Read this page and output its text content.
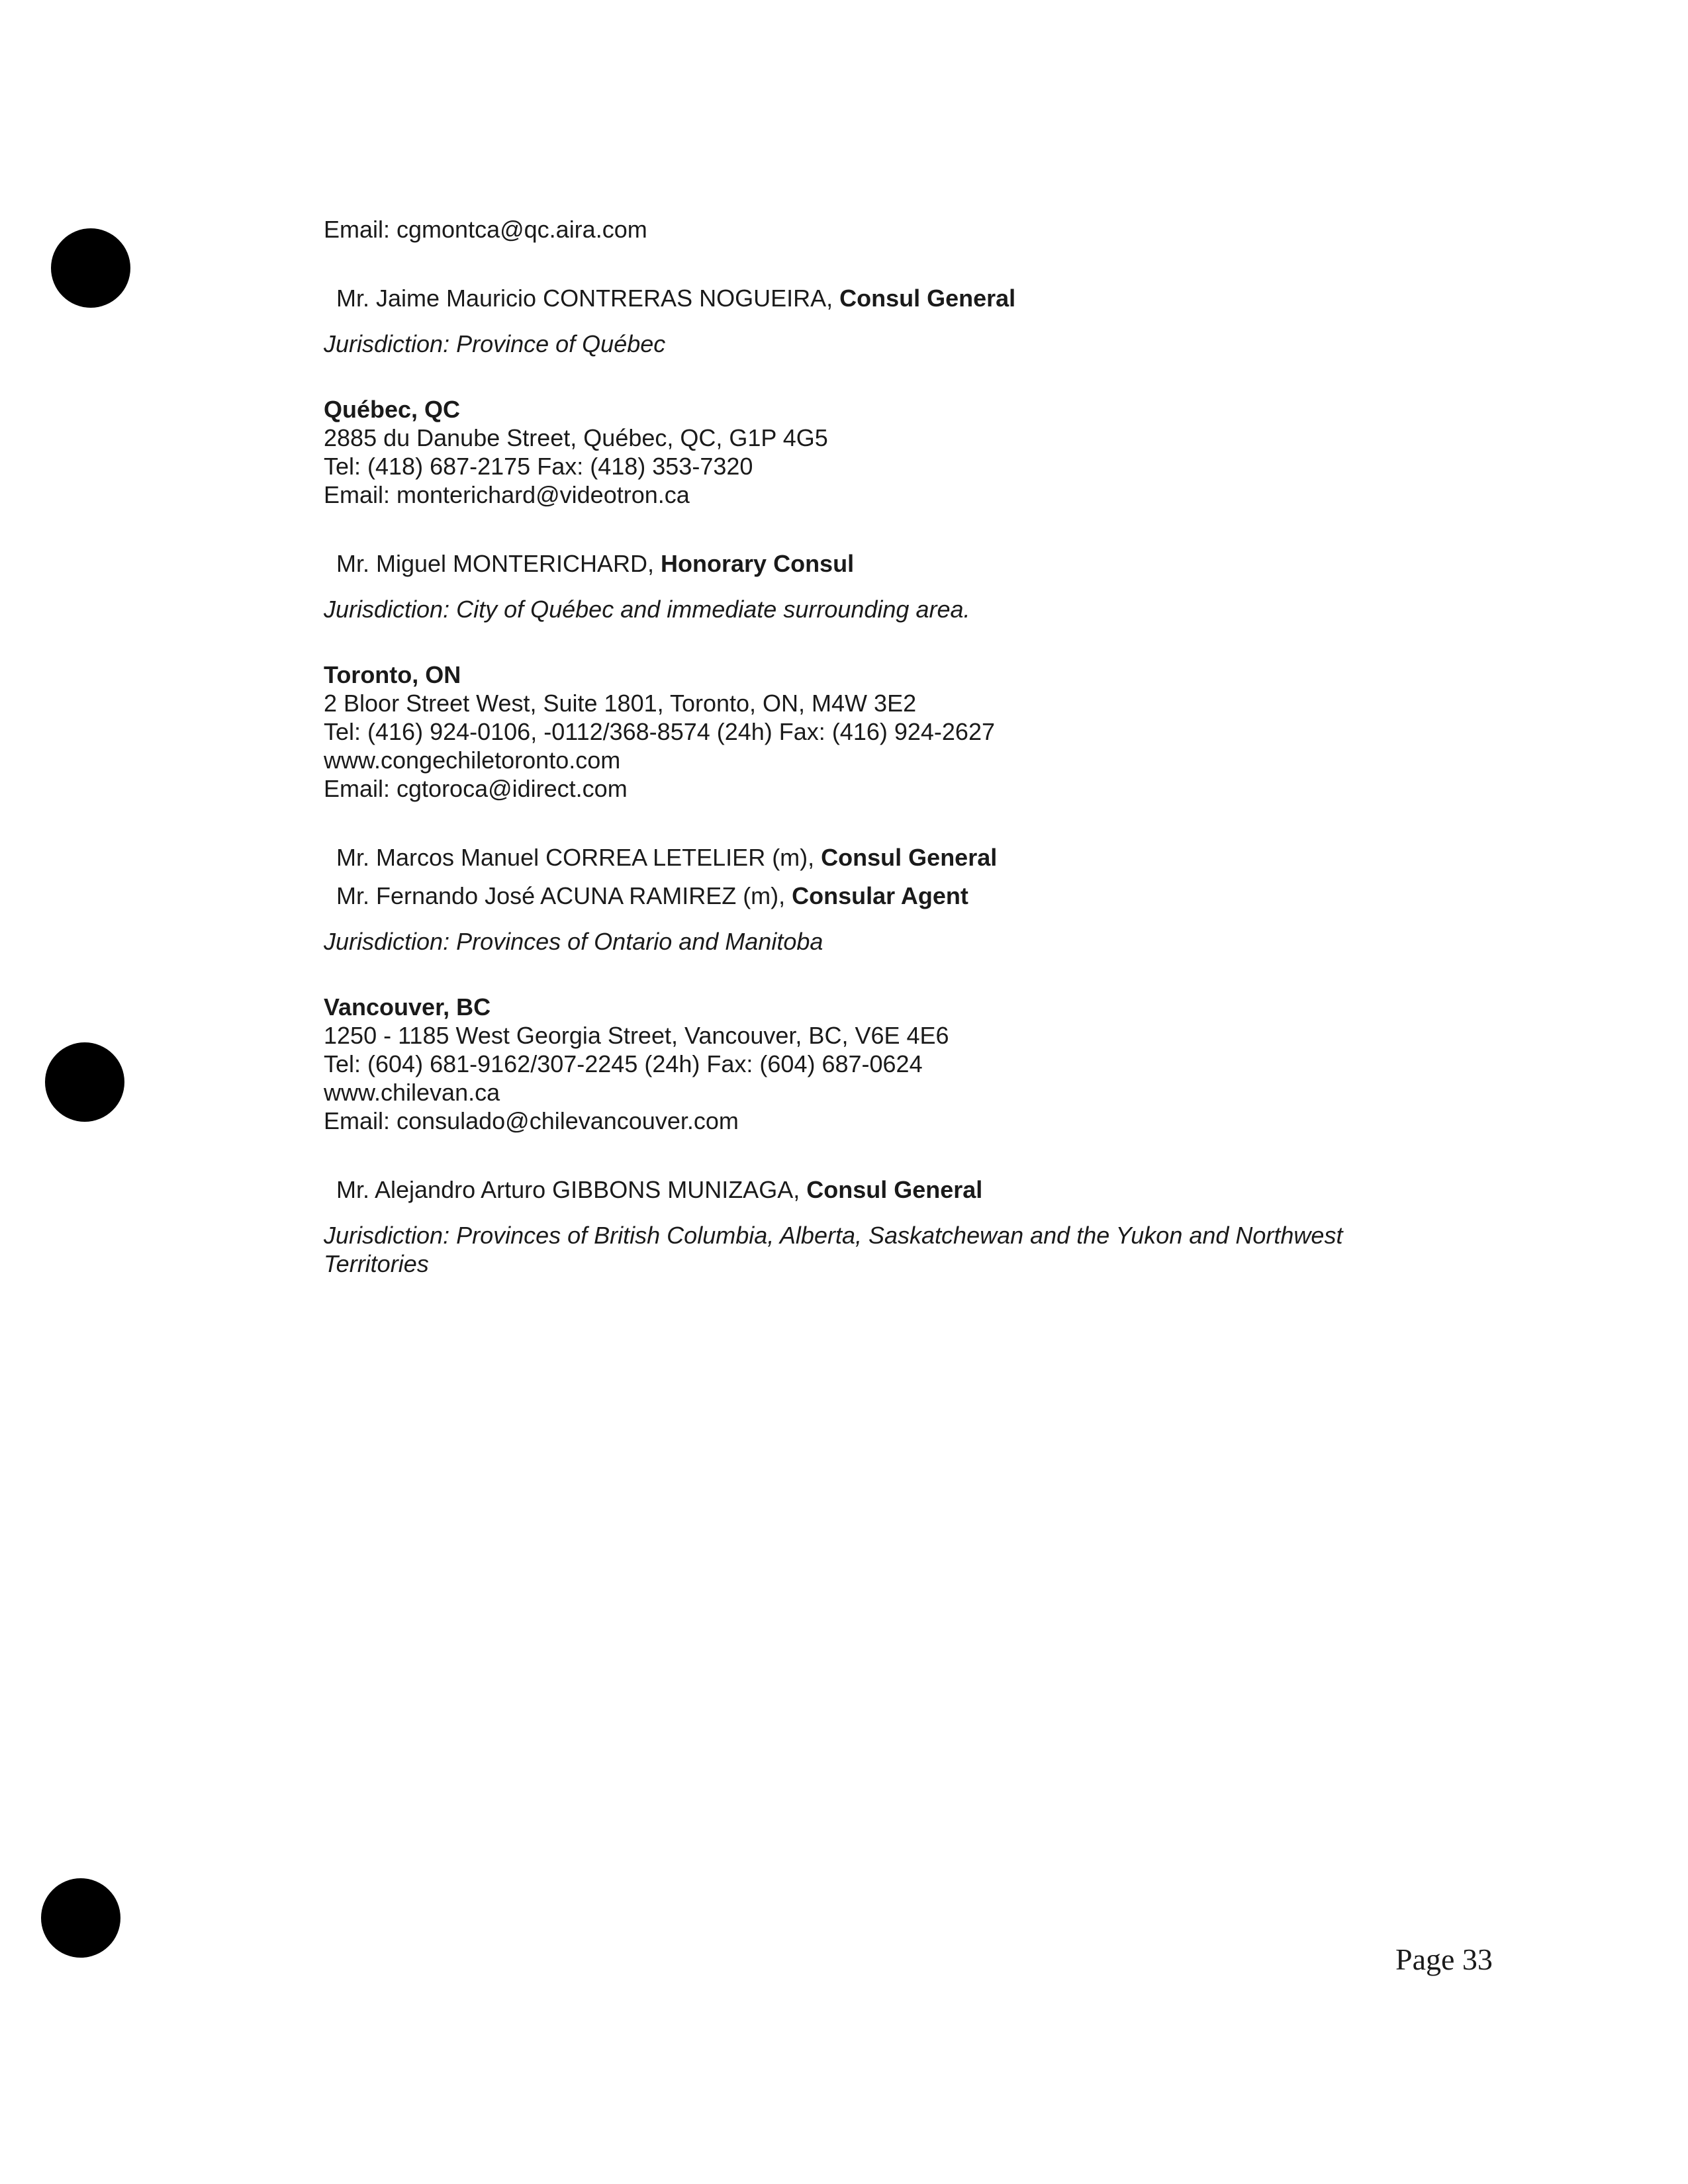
Email: cgmontca@qc.aira.com
Mr. Jaime Mauricio CONTRERAS NOGUEIRA, Consul General
Jurisdiction: Province of Québec
Québec, QC
2885 du Danube Street, Québec, QC, G1P 4G5
Tel: (418) 687-2175 Fax: (418) 353-7320
Email: monterichard@videotron.ca
Mr. Miguel MONTERICHARD, Honorary Consul
Jurisdiction: City of Québec and immediate surrounding area.
Toronto, ON
2 Bloor Street West, Suite 1801, Toronto, ON, M4W 3E2
Tel: (416) 924-0106, -0112/368-8574 (24h) Fax: (416) 924-2627
www.congechiletoronto.com
Email: cgtoroca@idirect.com
Mr. Marcos Manuel CORREA LETELIER (m), Consul General
Mr. Fernando José ACUNA RAMIREZ (m), Consular Agent
Jurisdiction: Provinces of Ontario and Manitoba
Vancouver, BC
1250 - 1185 West Georgia Street, Vancouver, BC, V6E 4E6
Tel: (604) 681-9162/307-2245 (24h) Fax: (604) 687-0624
www.chilevan.ca
Email: consulado@chilevancouver.com
Mr. Alejandro Arturo GIBBONS MUNIZAGA, Consul General
Jurisdiction: Provinces of British Columbia, Alberta, Saskatchewan and the Yukon and Northwest Territories
Page 33
